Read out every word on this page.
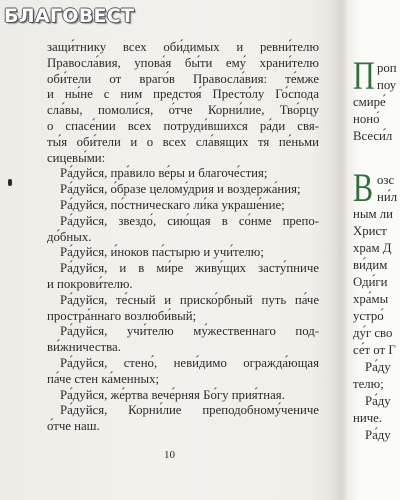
БЛАГОВЕСТ
защи́тнику всех оби́димых и ревни́телю
Правосла́вия, упова́я бы́ти ему́ храни́телю
оби́тели от враго́в Правосла́вия: те́мже
и ны́не с ним предстоя́ Престо́лу Го́спода
сла́вы, помоли́ся, о́тче Корни́лие, Тво́рцу
о спасе́нии всех потруди́вшихся ра́ди свя-
ты́я оби́тели и о всех сла́вящих тя пе́ньми
сицевы́ми:
Ра́дуйся, пра́вило ве́ры и благоче́стия;
Ра́дуйся, о́бразе целому́дрия и воздержа́ния;
Ра́дуйся, по́стническаго ли́ка украше́ние;
Ра́дуйся, звездо́, сию́щая в со́нме препо-
до́бных.
Ра́дуйся, и́ноков па́стырю и учи́телю;
Ра́дуйся, и в ми́ре живу́щих засту́пниче
и покрови́телю.
Ра́дуйся, те́сный и приско́рбный путь па́че
простра́ннаго возлюби́вый;
Ра́дуйся, учи́телю му́жественнаго под-
ви́жничества.
Ра́дуйся, стено́, неви́димо огражда́ющая
па́че стен ка́менных;
Ра́дуйся, же́ртва вече́рняя Бо́гу прия́тная.
Ра́дуйся, Корни́лие преподобному́чениче
о́тче наш.
10
П роп
поу
смире́
ноно́
Всеси́л
В озс
ни́л
ным ли
Христ
храм Д
ви́дим
Оди́ги
хра́мы
устро́
ду́г сво
се́т от Г
Ра́ду
телю;
Ра́ду
ниче.
Ра́ду
